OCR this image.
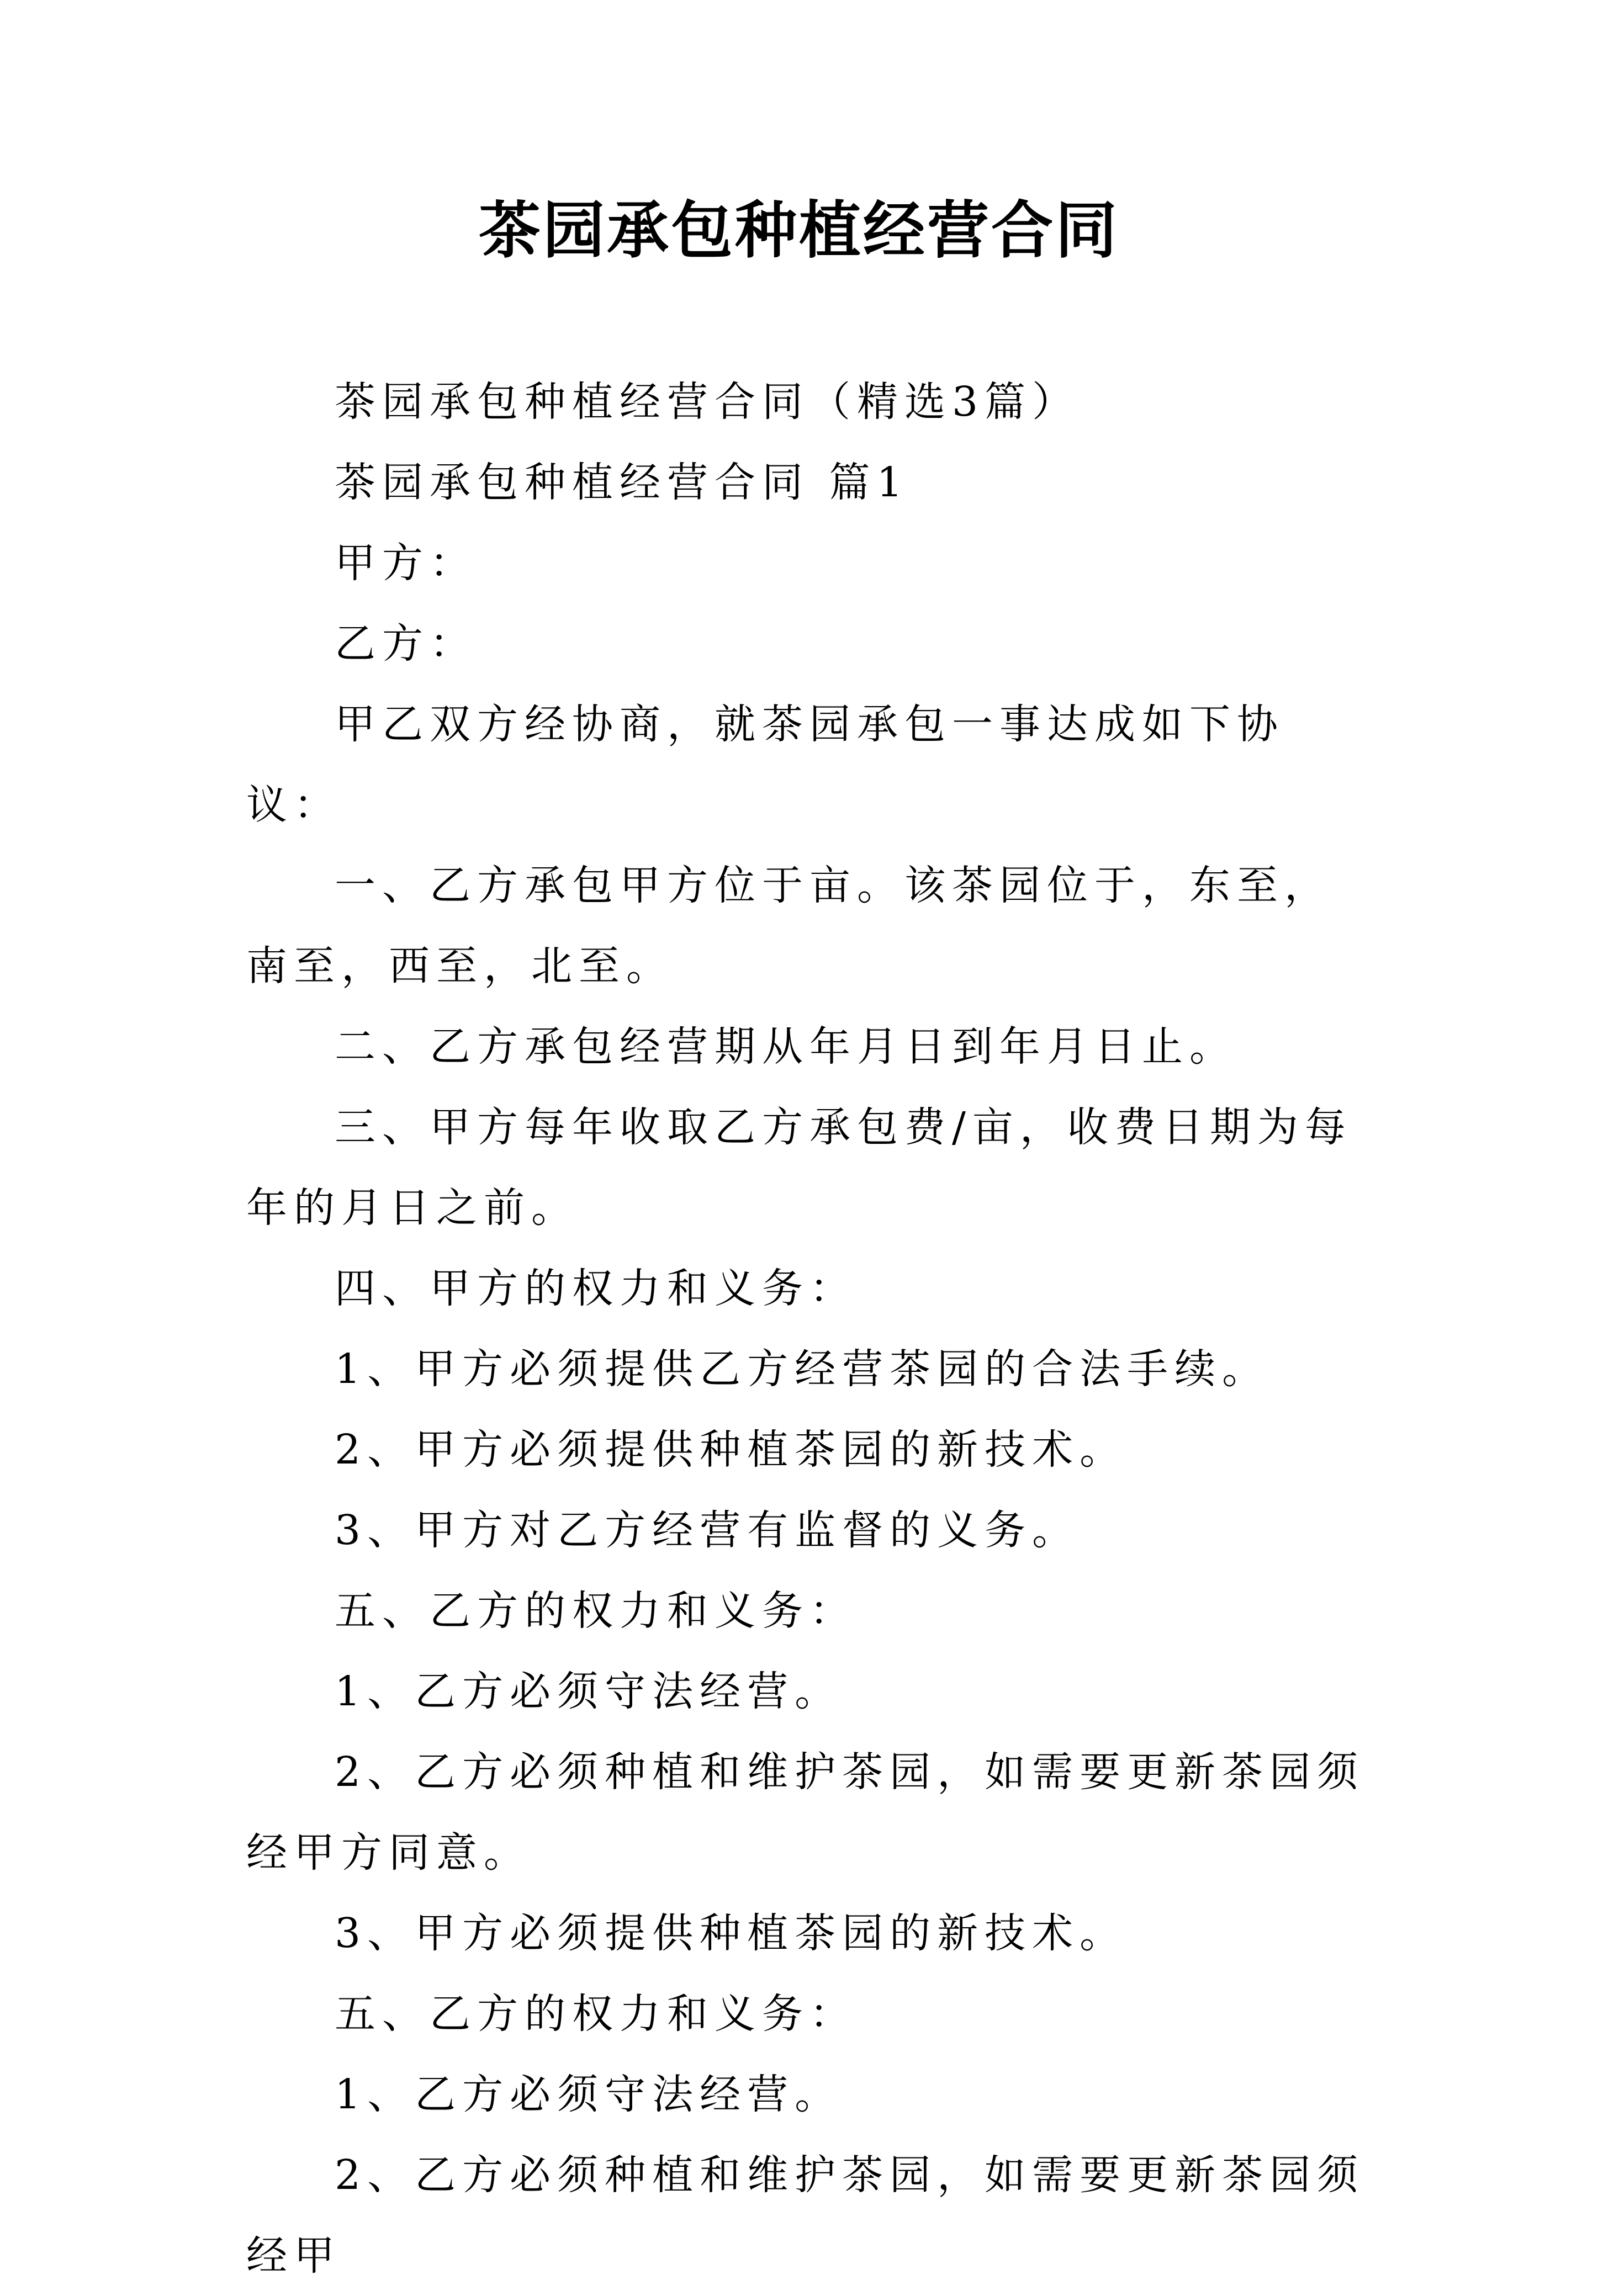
茶园承包种植经营合同

茶园承包种植经营合同（精选3篇）

茶园承包种植经营合同 篇1

甲方：

乙方：

甲乙双方经协商，就茶园承包一事达成如下协议：

一、乙方承包甲方位于亩。该茶园位于，东至，南至，西至，北至。

二、乙方承包经营期从年月日到年月日止。

三、甲方每年收取乙方承包费/亩，收费日期为每年的月日之前。

四、甲方的权力和义务：

1、甲方必须提供乙方经营茶园的合法手续。

2、甲方必须提供种植茶园的新技术。

3、甲方对乙方经营有监督的义务。

五、乙方的权力和义务：

1、乙方必须守法经营。

2、乙方必须种植和维护茶园，如需要更新茶园须经甲方同意。

3、甲方必须提供种植茶园的新技术。

五、乙方的权力和义务：

1、乙方必须守法经营。

2、乙方必须种植和维护茶园，如需要更新茶园须经甲
